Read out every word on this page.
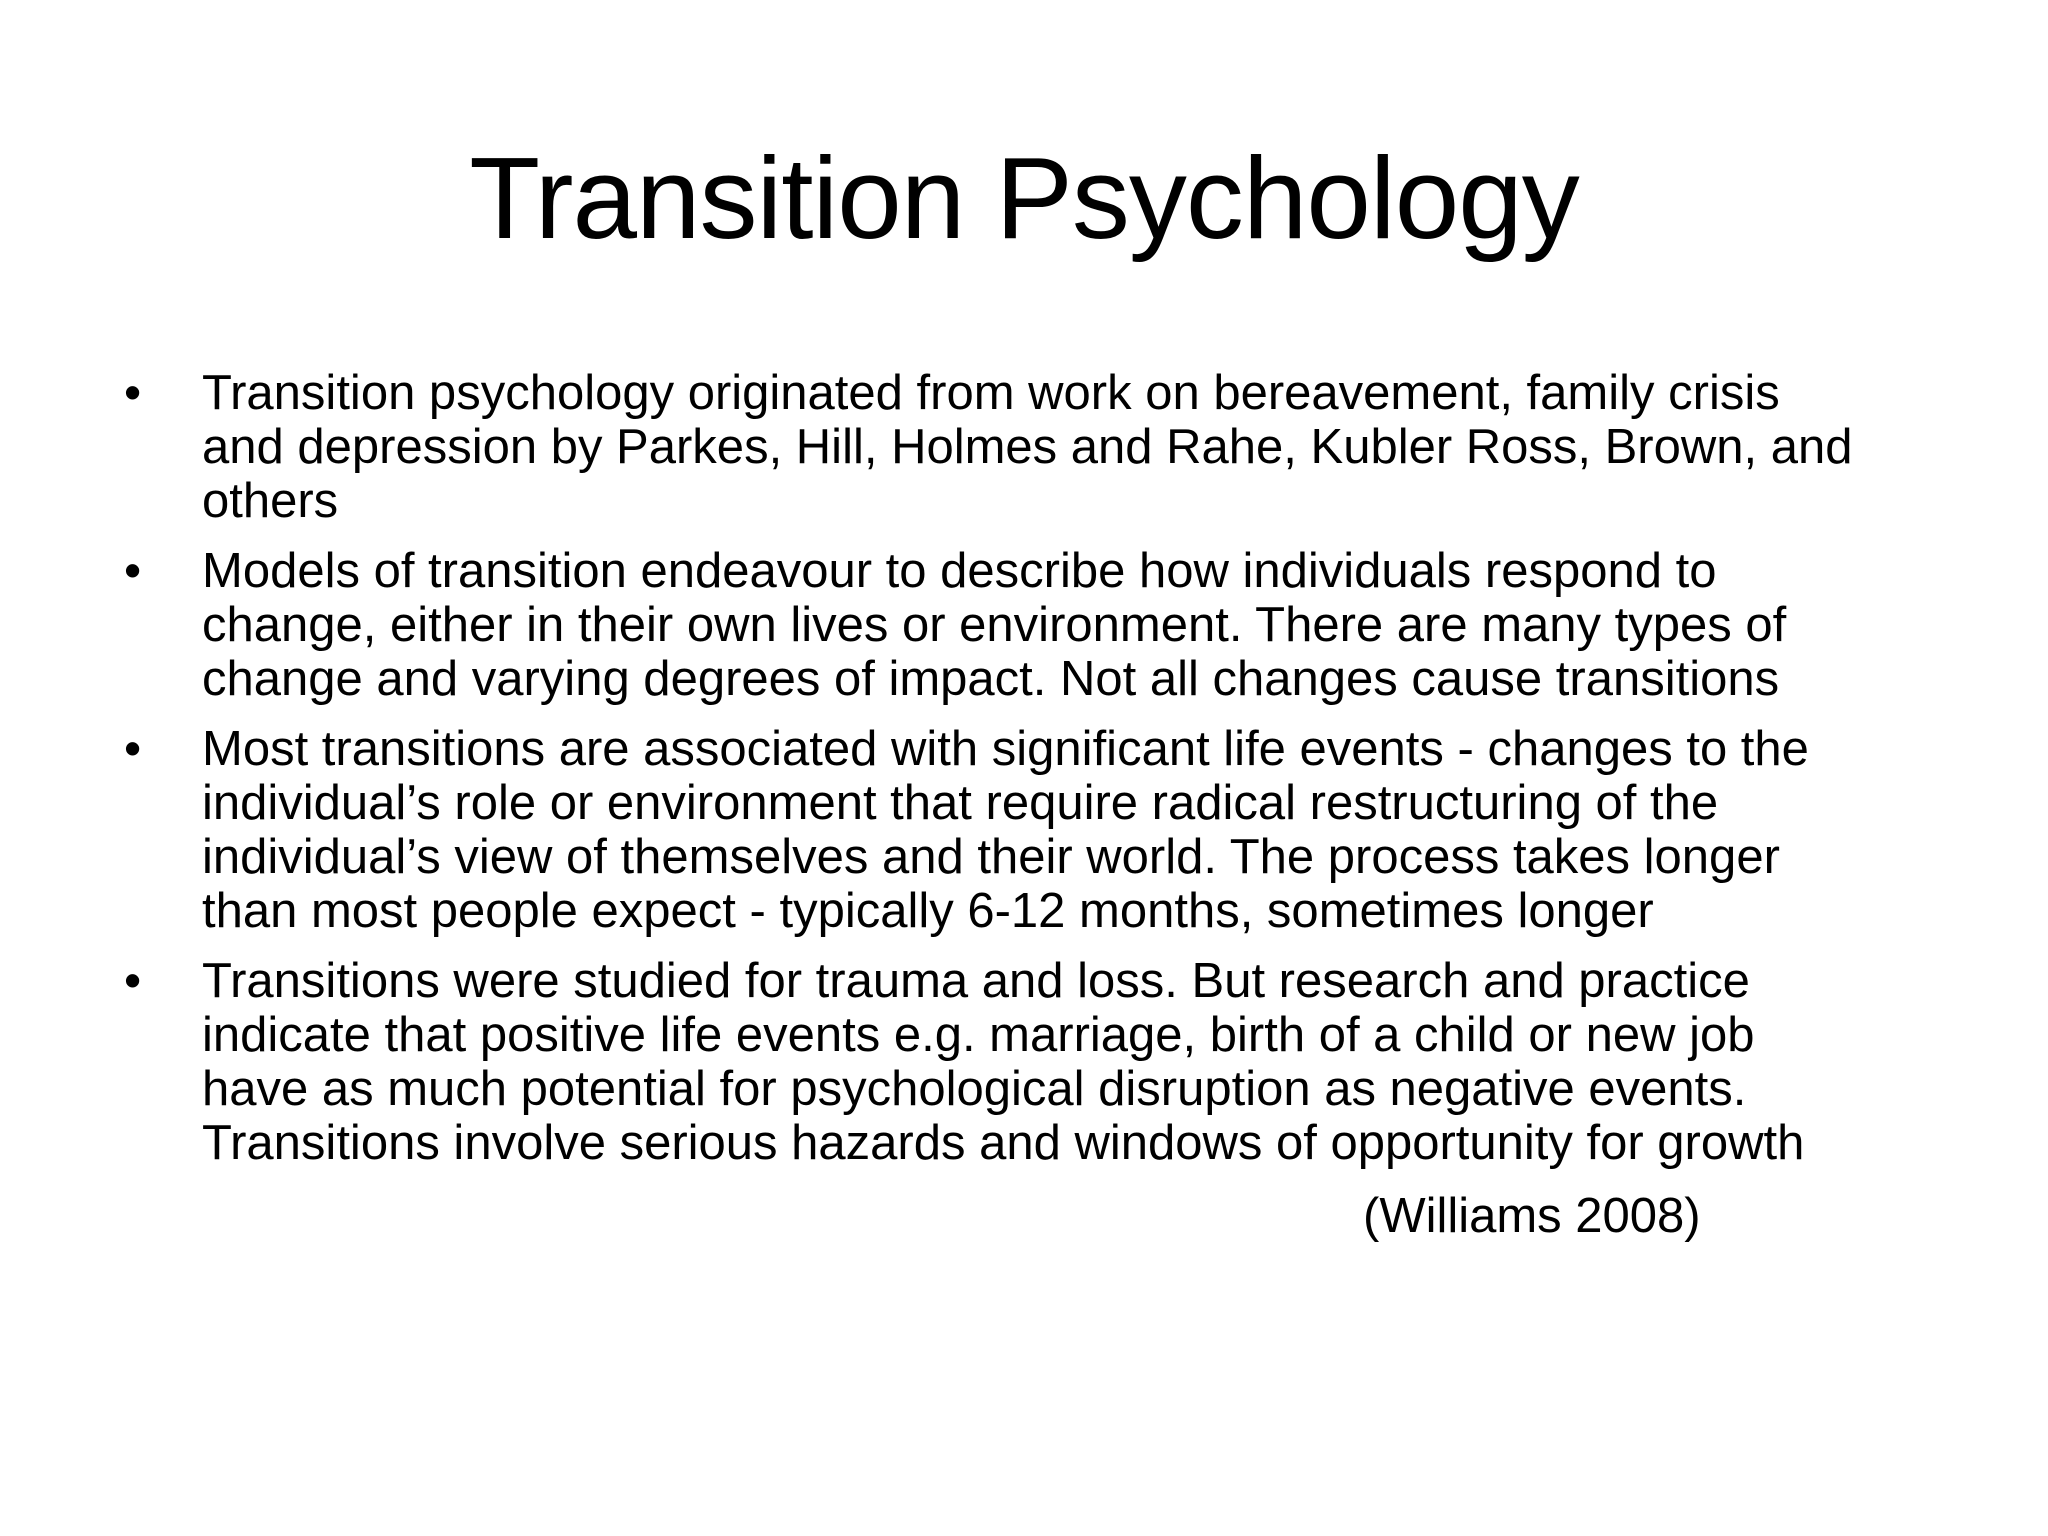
Transition Psychology
• Transition psychology originated from work on bereavement, family crisis
and depression by Parkes, Hill, Holmes and Rahe, Kubler Ross, Brown, and
others
• Models of transition endeavour to describe how individuals respond to
change, either in their own lives or environment. There are many types of
change and varying degrees of impact. Not all changes cause transitions
• Most transitions are associated with significant life events - changes to the
individual’s role or environment that require radical restructuring of the
individual’s view of themselves and their world. The process takes longer
than most people expect - typically 6-12 months, sometimes longer
• Transitions were studied for trauma and loss. But research and practice
indicate that positive life events e.g. marriage, birth of a child or new job
have as much potential for psychological disruption as negative events.
Transitions involve serious hazards and windows of opportunity for growth
(Williams 2008)
